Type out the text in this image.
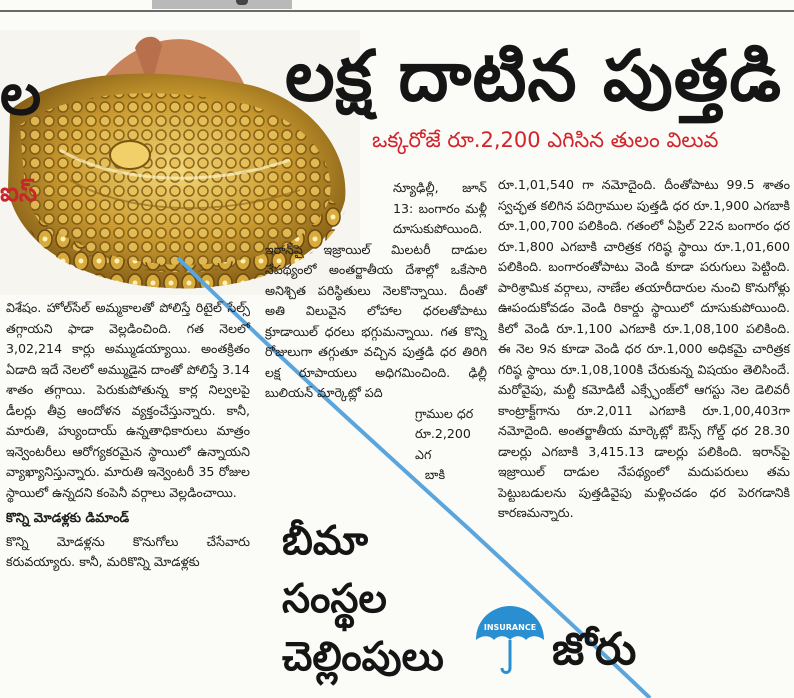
ల
ఐస్
లక్ష దాటిన పుత్తడి
ఒక్కరోజే రూ.2,200 ఎగిసిన తులం విలువ

విశేషం. హోల్‌సేల్ అమ్మకాలతో పోలిస్తే రిటైల్ సేల్స్ తగ్గాయని ఫాడా వెల్లడించింది. గత నెలలో 3,02,214 కార్లు అమ్ముడయ్యాయి. అంతక్రితం ఏడాది ఇదే నెలలో అమ్ముడైన దాంతో పోలిస్తే 3.14 శాతం తగ్గాయి. పెరుకుపోతున్న కార్ల నిల్వలపై డీలర్లు తీవ్ర ఆందోళన వ్యక్తంచేస్తున్నారు. కానీ, మారుతి, హ్యుందాయ్ ఉన్నతాధికారులు మాత్రం ఇన్వెంటరీలు ఆరోగ్యకరమైన స్థాయిలో ఉన్నాయని వ్యాఖ్యానిస్తున్నారు. మారుతి ఇన్వెంటరీ 35 రోజుల స్థాయిలో ఉన్నదని కంపెనీ వర్గాలు వెల్లడించాయి.

కొన్ని మోడళ్లకు డిమాండ్

కొన్ని మోడళ్లను కొనుగోలు చేసేవారు కరువయ్యారు. కానీ, మరికొన్ని మోడళ్లకు

న్యూఢిల్లీ, జూన్ 13: బంగారం మళ్లీ దూసుకుపోయింది.

ఇరాన్‌పై ఇజ్రాయిల్ మిలటరీ దాడుల నేపథ్యంలో అంతర్జాతీయ దేశాల్లో ఒకేసారి అనిశ్చిత పరిస్థితులు నెలకొన్నాయి. దీంతో అతి విలువైన లోహాల ధరలతోపాటు క్రూడాయిల్ ధరలు భగ్గుమన్నాయి. గత కొన్ని రోజులుగా తగ్గుతూ వచ్చిన పుత్తడి ధర తిరిగి లక్ష రూపాయలు అధిగమించింది. ఢిల్లీ బులియన్ మార్కెట్లో పది

గ్రాముల ధర

రూ.2,200 ఎగ

బాకి

రూ.1,01,540 గా నమోదైంది. దీంతోపాటు 99.5 శాతం స్వచ్ఛత కలిగిన పదిగ్రాముల పుత్తడి ధర రూ.1,900 ఎగబాకి రూ.1,00,700 పలికింది. గతంలో ఏప్రిల్ 22న బంగారం ధర రూ.1,800 ఎగబాకి చారిత్రక గరిష్ఠ స్థాయి రూ.1,01,600 పలికింది. బంగారంతోపాటు వెండి కూడా పరుగులు పెట్టింది. పారిశ్రామిక వర్గాలు, నాణేల తయారీదారుల నుంచి కొనుగోళ్లు ఊపందుకోవడం వెండి రికార్డు స్థాయిలో దూసుకుపోయింది. కిలో వెండి రూ.1,100 ఎగబాకి రూ.1,08,100 పలికింది. ఈ నెల 9న కూడా వెండి ధర రూ.1,000 అధికమై చారిత్రక గరిష్ఠ స్థాయి రూ.1,08,100కి చేరుకున్న విషయం తెలిసిందే. మరోవైపు, మల్టీ కమోడిటీ ఎక్స్ఛేంజ్‌లో ఆగస్టు నెల డెలివరీ కాంట్రాక్ట్‌గాను రూ.2,011 ఎగబాకి రూ.1,00,403గా నమోదైంది. అంతర్జాతీయ మార్కెట్లో ఔన్స్ గోల్డ్ ధర 28.30 డాలర్లు ఎగబాకి 3,415.13 డాలర్లు పలికింది. ఇరాన్‌పై ఇజ్రాయిల్ దాడుల నేపథ్యంలో మదుపరులు తమ పెట్టుబడులను పుత్తడివైపు మళ్లించడం ధర పెరగడానికి కారణమన్నారు.

బీమా
సంస్థల
చెల్లింపులు
INSURANCE జోరు
